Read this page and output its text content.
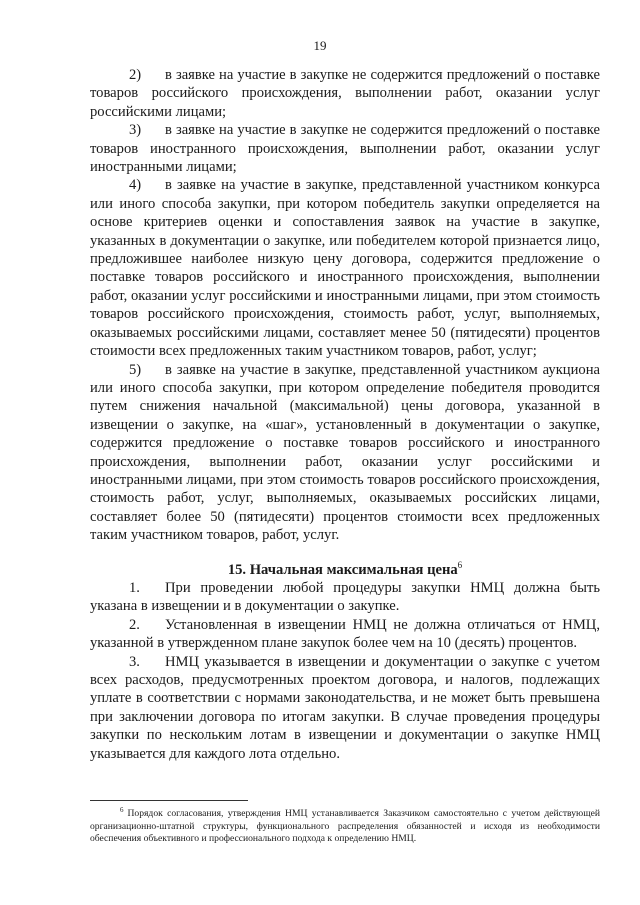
19

2) в заявке на участие в закупке не содержится предложений о поставке товаров российского происхождения, выполнении работ, оказании услуг российскими лицами;

3) в заявке на участие в закупке не содержится предложений о поставке товаров иностранного происхождения, выполнении работ, оказании услуг иностранными лицами;

4) в заявке на участие в закупке, представленной участником конкурса или иного способа закупки, при котором победитель закупки определяется на основе критериев оценки и сопоставления заявок на участие в закупке, указанных в документации о закупке, или победителем которой признается лицо, предложившее наиболее низкую цену договора, содержится предложение о поставке товаров российского и иностранного происхождения, выполнении работ, оказании услуг российскими и иностранными лицами, при этом стоимость товаров российского происхождения, стоимость работ, услуг, выполняемых, оказываемых российскими лицами, составляет менее 50 (пятидесяти) процентов стоимости всех предложенных таким участником товаров, работ, услуг;

5) в заявке на участие в закупке, представленной участником аукциона или иного способа закупки, при котором определение победителя проводится путем снижения начальной (максимальной) цены договора, указанной в извещении о закупке, на «шаг», установленный в документации о закупке, содержится предложение о поставке товаров российского и иностранного происхождения, выполнении работ, оказании услуг российскими и иностранными лицами, при этом стоимость товаров российского происхождения, стоимость работ, услуг, выполняемых, оказываемых российских лицами, составляет более 50 (пятидесяти) процентов стоимости всех предложенных таким участником товаров, работ, услуг.

15. Начальная максимальная цена$^6$

1. При проведении любой процедуры закупки НМЦ должна быть указана в извещении и в документации о закупке.

2. Установленная в извещении НМЦ не должна отличаться от НМЦ, указанной в утвержденном плане закупок более чем на 10 (десять) процентов.

3. НМЦ указывается в извещении и документации о закупке с учетом всех расходов, предусмотренных проектом договора, и налогов, подлежащих уплате в соответствии с нормами законодательства, и не может быть превышена при заключении договора по итогам закупки. В случае проведения процедуры закупки по нескольким лотам в извещении и документации о закупке НМЦ указывается для каждого лота отдельно.

$^6$ Порядок согласования, утверждения НМЦ устанавливается Заказчиком самостоятельно с учетом действующей организационно-штатной структуры, функционального распределения обязанностей и исходя из необходимости обеспечения объективного и профессионального подхода к определению НМЦ.
